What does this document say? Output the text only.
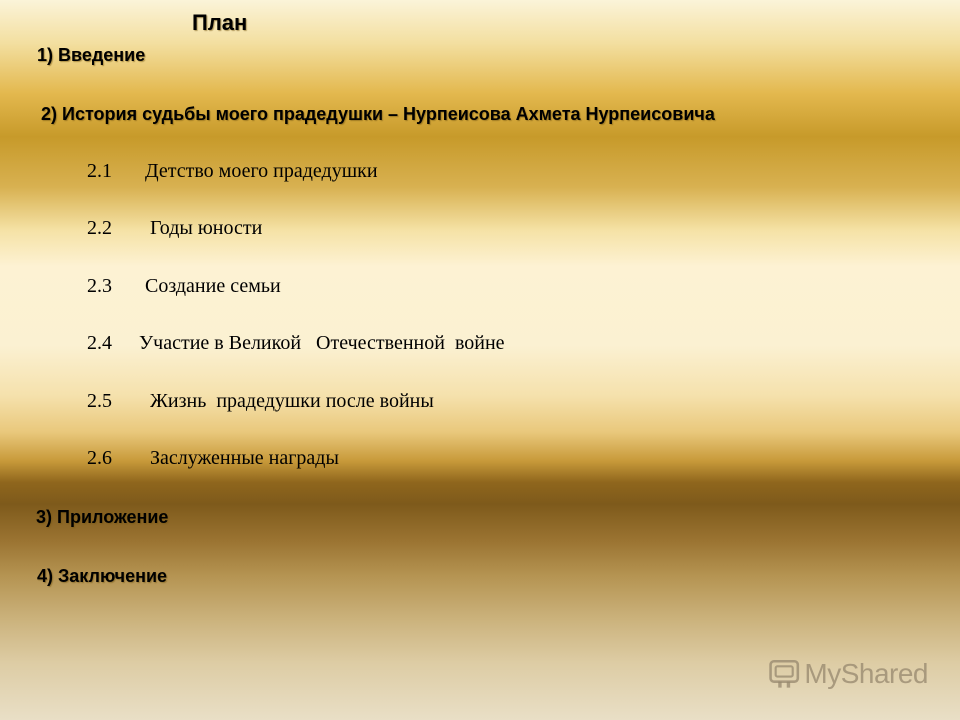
План
1) Введение
2) История судьбы моего прадедушки – Нурпеисова Ахмета Нурпеисовича
2.1 Детство моего прадедушки
2.2 Годы юности
2.3 Создание семьи
2.4 Участие в Великой   Отечественной  войне
2.5 Жизнь  прадедушки после войны
2.6 Заслуженные награды
3) Приложение
4) Заключение
MyShared
